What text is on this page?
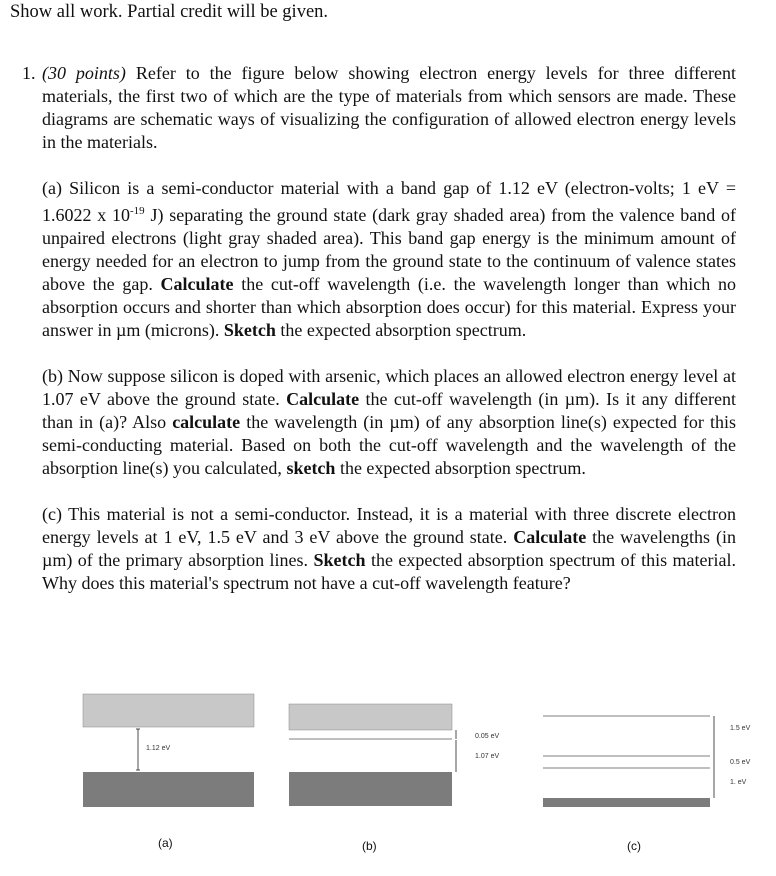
Show all work. Partial credit will be given.
1. (30 points) Refer to the figure below showing electron energy levels for three different materials, the first two of which are the type of materials from which sensors are made. These diagrams are schematic ways of visualizing the configuration of allowed electron energy levels in the materials.

(a) Silicon is a semi-conductor material with a band gap of 1.12 eV (electron-volts; 1 eV = 1.6022 x $10^{-19}$ J) separating the ground state (dark gray shaded area) from the valence band of unpaired electrons (light gray shaded area). This band gap energy is the minimum amount of energy needed for an electron to jump from the ground state to the continuum of valence states above the gap. Calculate the cut-off wavelength (i.e. the wavelength longer than which no absorption occurs and shorter than which absorption does occur) for this material. Express your answer in µm (microns). Sketch the expected absorption spectrum.

(b) Now suppose silicon is doped with arsenic, which places an allowed electron energy level at 1.07 eV above the ground state. Calculate the cut-off wavelength (in µm). Is it any different than in (a)? Also calculate the wavelength (in µm) of any absorption line(s) expected for this semi-conducting material. Based on both the cut-off wavelength and the wavelength of the absorption line(s) you calculated, sketch the expected absorption spectrum.

(c) This material is not a semi-conductor. Instead, it is a material with three discrete electron energy levels at 1 eV, 1.5 eV and 3 eV above the ground state. Calculate the wavelengths (in µm) of the primary absorption lines. Sketch the expected absorption spectrum of this material. Why does this material's spectrum not have a cut-off wavelength feature?

1.12 eV
0.05 eV
1.07 eV
1.5 eV
0.5 eV
1. eV
(a)	(b)	(c)
